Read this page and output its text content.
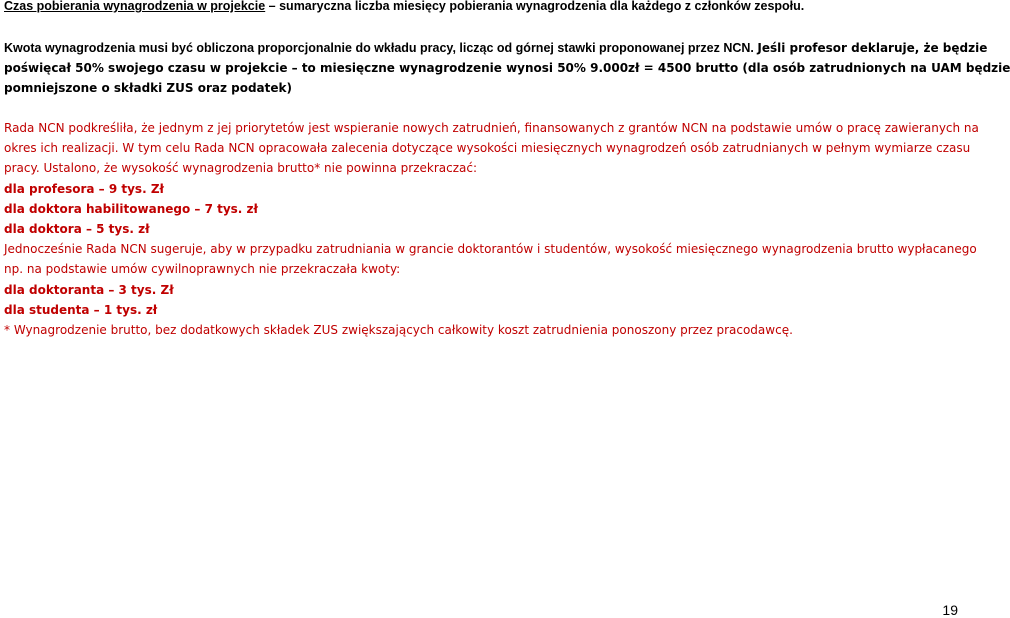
Czas pobierania wynagrodzenia w projekcie – sumaryczna liczba miesięcy pobierania wynagrodzenia dla każdego z członków zespołu.
Kwota wynagrodzenia musi być obliczona proporcjonalnie do wkładu pracy, licząc od górnej stawki proponowanej przez NCN. Jeśli profesor deklaruje, że będzie
poświęcał 50% swojego czasu w projekcie – to miesięczne wynagrodzenie wynosi 50% 9.000zł = 4500 brutto (dla osób zatrudnionych na UAM będzie
pomniejszone o składki ZUS oraz podatek)
Rada NCN podkreśliła, że jednym z jej priorytetów jest wspieranie nowych zatrudnień, finansowanych z grantów NCN na podstawie umów o pracę zawieranych na
okres ich realizacji. W tym celu Rada NCN opracowała zalecenia dotyczące wysokości miesięcznych wynagrodzeń osób zatrudnianych w pełnym wymiarze czasu
pracy. Ustalono, że wysokość wynagrodzenia brutto* nie powinna przekraczać:
dla profesora – 9 tys. Zł
dla doktora habilitowanego – 7 tys. zł
dla doktora – 5 tys. zł
Jednocześnie Rada NCN sugeruje, aby w przypadku zatrudniania w grancie doktorantów i studentów, wysokość miesięcznego wynagrodzenia brutto wypłacanego
np. na podstawie umów cywilnoprawnych nie przekraczała kwoty:
dla doktoranta – 3 tys. Zł
dla studenta – 1 tys. zł
* Wynagrodzenie brutto, bez dodatkowych składek ZUS zwiększających całkowity koszt zatrudnienia ponoszony przez pracodawcę.
19
